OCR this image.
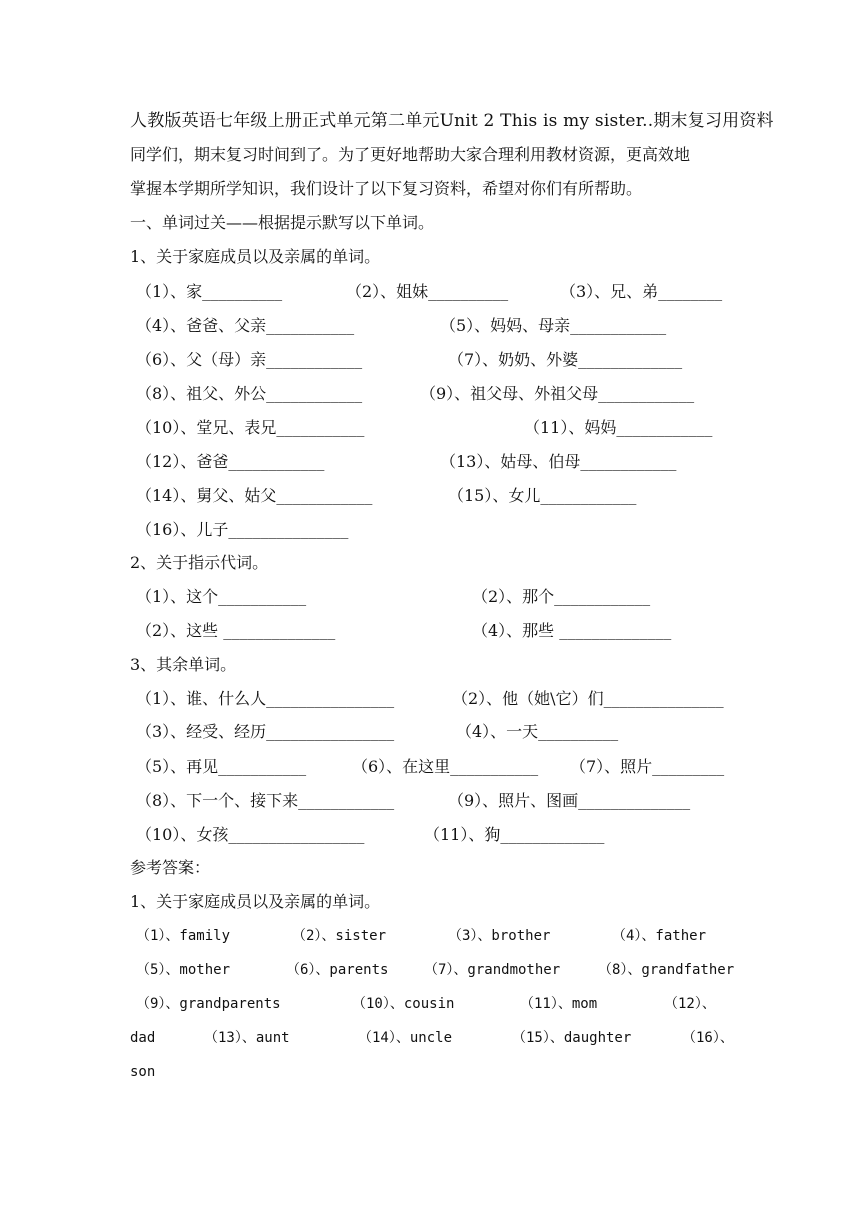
人教版英语七年级上册正式单元第二单元Unit 2 This is my sister..期末复习用资料
同学们，期末复习时间到了。为了更好地帮助大家合理利用教材资源，更高效地
掌握本学期所学知识，我们设计了以下复习资料，希望对你们有所帮助。
一、单词过关——根据提示默写以下单词。
1、关于家庭成员以及亲属的单词。
（1）、家__________	（2）、姐妹__________	（3）、兄、弟________
（4）、爸爸、父亲___________	（5）、妈妈、母亲____________
（6）、父（母）亲____________	（7）、奶奶、外婆_____________
（8）、祖父、外公____________	（9）、祖父母、外祖父母____________
（10）、堂兄、表兄___________	（11）、妈妈____________
（12）、爸爸____________	（13）、姑母、伯母____________
（14）、舅父、姑父____________	（15）、女儿____________
（16）、儿子_______________
2、关于指示代词。
（1）、这个___________	（2）、那个____________
（2）、这些 ______________	（4）、那些 ______________
3、其余单词。
（1）、谁、什么人________________	（2）、他（她\它）们_______________
（3）、经受、经历________________	（4）、一天__________
（5）、再见___________	（6）、在这里___________ （7）、照片_________
（8）、下一个、接下来____________	（9）、照片、图画______________
（10）、女孩_________________	（11）、狗_____________
参考答案：
1、关于家庭成员以及亲属的单词。
（1）、family	（2）、sister	（3）、brother	（4）、father
（5）、mother	（6）、parents	（7）、grandmother	（8）、grandfather
（9）、grandparents	（10）、cousin	（11）、mom	（12）、
dad	（13）、aunt	（14）、uncle	（15）、daughter	（16）、
son
